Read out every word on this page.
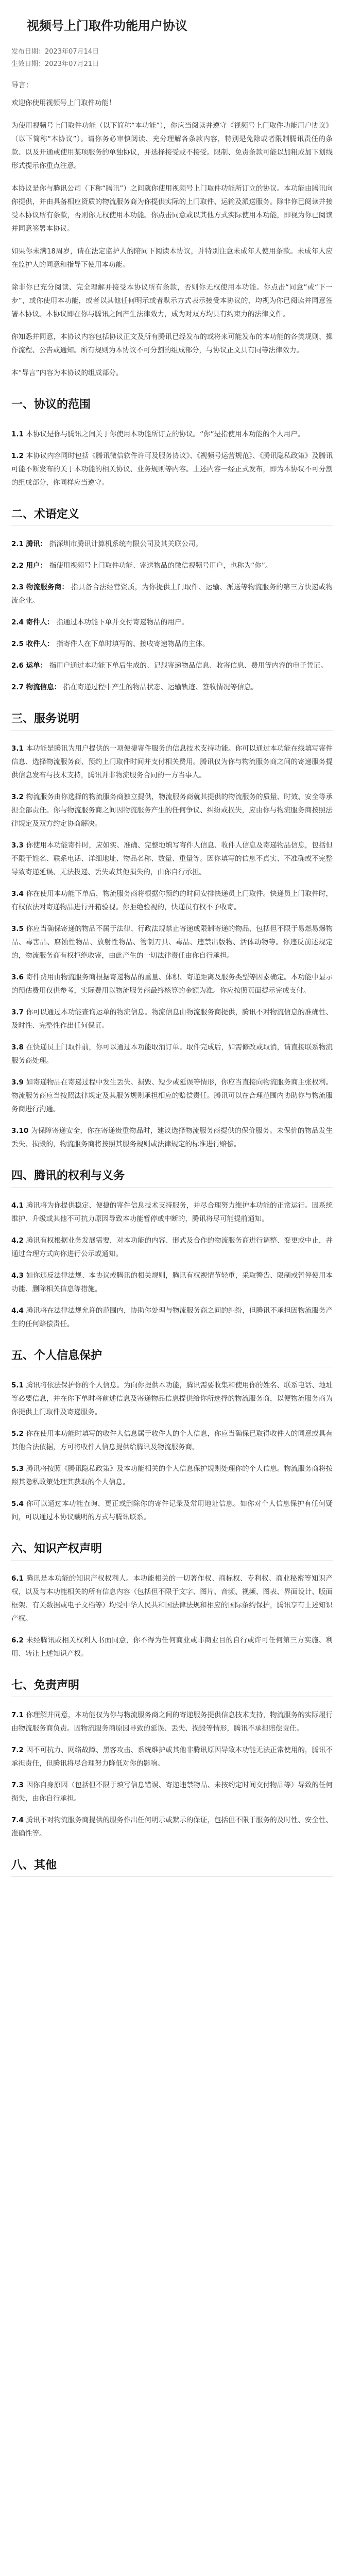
视频号上门取件功能用户协议
发布日期：2023年07月14日
生效日期：2023年07月21日
导言：

欢迎你使用视频号上门取件功能！

为使用视频号上门取件功能（以下简称“本功能”），你应当阅读并遵守《视频号上门取件功能用户协议》（以下简称“本协议”）。请你务必审慎阅读、充分理解各条款内容，特别是免除或者限制腾讯责任的条款、以及开通或使用某项服务的单独协议，并选择接受或不接受。限制、免责条款可能以加粗或加下划线形式提示你重点注意。

本协议是你与腾讯公司（下称“腾讯”）之间就你使用视频号上门取件功能所订立的协议。本功能由腾讯向你提供，并由具备相应资质的物流服务商为你提供实际的上门取件、运输及派送服务。除非你已阅读并接受本协议所有条款，否则你无权使用本功能。你点击同意或以其他方式实际使用本功能，即视为你已阅读并同意签署本协议。

如果你未满18周岁，请在法定监护人的陪同下阅读本协议，并特别注意未成年人使用条款。未成年人应在监护人的同意和指导下使用本功能。

除非你已充分阅读、完全理解并接受本协议所有条款，否则你无权使用本功能。你点击“同意”或“下一步”，或你使用本功能，或者以其他任何明示或者默示方式表示接受本协议的，均视为你已阅读并同意签署本协议。本协议即在你与腾讯之间产生法律效力，成为对双方均具有约束力的法律文件。

你知悉并同意，本协议内容包括协议正文及所有腾讯已经发布的或将来可能发布的本功能的各类规则、操作流程、公告或通知。所有规则为本协议不可分割的组成部分，与协议正文具有同等法律效力。

本“导言”内容为本协议的组成部分。

一、协议的范围

1.1 本协议是你与腾讯之间关于你使用本功能所订立的协议。“你”是指使用本功能的个人用户。

1.2 本协议内容同时包括《腾讯微信软件许可及服务协议》、《视频号运营规范》、《腾讯隐私政策》及腾讯可能不断发布的关于本功能的相关协议、业务规则等内容。上述内容一经正式发布，即为本协议不可分割的组成部分，你同样应当遵守。

二、术语定义

2.1 腾讯： 指深圳市腾讯计算机系统有限公司及其关联公司。

2.2 用户： 指使用视频号上门取件功能、寄送物品的微信视频号用户，也称为“你”。

2.3 物流服务商： 指具备合法经营资质，为你提供上门取件、运输、派送等物流服务的第三方快递或物流企业。

2.4 寄件人： 指通过本功能下单并交付寄递物品的用户。

2.5 收件人： 指寄件人在下单时填写的、接收寄递物品的主体。

2.6 运单： 指用户通过本功能下单后生成的、记载寄递物品信息、收寄信息、费用等内容的电子凭证。

2.7 物流信息： 指在寄递过程中产生的物品状态、运输轨迹、签收情况等信息。

三、服务说明

3.1 本功能是腾讯为用户提供的一项便捷寄件服务的信息技术支持功能。你可以通过本功能在线填写寄件信息、选择物流服务商、预约上门取件时间并支付相关费用。腾讯仅为你与物流服务商之间的寄递服务提供信息发布与技术支持，腾讯并非物流服务合同的一方当事人。

3.2 物流服务由你选择的物流服务商独立提供，物流服务商就其提供的物流服务的质量、时效、安全等承担全部责任。你与物流服务商之间因物流服务产生的任何争议、纠纷或损失，应由你与物流服务商按照法律规定及双方约定协商解决。

3.3 你使用本功能寄件时，应如实、准确、完整地填写寄件人信息、收件人信息及寄递物品信息，包括但不限于姓名、联系电话、详细地址、物品名称、数量、重量等。因你填写的信息不真实、不准确或不完整导致寄递延误、无法投递、丢失或其他损失的，由你自行承担。

3.4 你在使用本功能下单后，物流服务商将根据你预约的时间安排快递员上门取件。快递员上门取件时，有权依法对寄递物品进行开箱验视。你拒绝验视的，快递员有权不予收寄。

3.5 你应当确保寄递的物品不属于法律、行政法规禁止寄递或限制寄递的物品，包括但不限于易燃易爆物品、毒害品、腐蚀性物品、放射性物品、管制刀具、毒品、违禁出版物、活体动物等。你违反前述规定的，物流服务商有权拒绝收寄，由此产生的一切法律责任由你自行承担。

3.6 寄件费用由物流服务商根据寄递物品的重量、体积、寄递距离及服务类型等因素确定。本功能中显示的预估费用仅供参考，实际费用以物流服务商最终核算的金额为准。你应按照页面提示完成支付。

3.7 你可以通过本功能查询运单的物流信息。物流信息由物流服务商提供，腾讯不对物流信息的准确性、及时性、完整性作出任何保证。

3.8 在快递员上门取件前，你可以通过本功能取消订单。取件完成后，如需修改或取消，请直接联系物流服务商处理。

3.9 如寄递物品在寄递过程中发生丢失、损毁、短少或延误等情形，你应当直接向物流服务商主张权利。物流服务商应当按照法律规定及其服务规则承担相应的赔偿责任。腾讯可以在合理范围内协助你与物流服务商进行沟通。

3.10 为保障寄递安全，你在寄递贵重物品时，建议选择物流服务商提供的保价服务。未保价的物品发生丢失、损毁的，物流服务商将按照其服务规则或法律规定的标准进行赔偿。

四、腾讯的权利与义务

4.1 腾讯将为你提供稳定、便捷的寄件信息技术支持服务，并尽合理努力维护本功能的正常运行。因系统维护、升级或其他不可抗力原因导致本功能暂停或中断的，腾讯将尽可能提前通知。

4.2 腾讯有权根据业务发展需要，对本功能的内容、形式及合作的物流服务商进行调整、变更或中止，并通过合理方式向你进行公示或通知。

4.3 如你违反法律法规、本协议或腾讯的相关规则，腾讯有权视情节轻重，采取警告、限制或暂停使用本功能、删除相关信息等措施。

4.4 腾讯将在法律法规允许的范围内，协助你处理与物流服务商之间的纠纷，但腾讯不承担因物流服务产生的任何赔偿责任。

五、个人信息保护

5.1 腾讯将依法保护你的个人信息。为向你提供本功能，腾讯需要收集和使用你的姓名、联系电话、地址等必要信息，并在你下单时将前述信息及寄递物品信息提供给你所选择的物流服务商，以便物流服务商为你提供上门取件及寄递服务。

5.2 你在使用本功能时填写的收件人信息属于收件人的个人信息，你应当确保已取得收件人的同意或具有其他合法依据，方可将收件人信息提供给腾讯及物流服务商。

5.3 腾讯将按照《腾讯隐私政策》及本功能相关的个人信息保护规则处理你的个人信息。物流服务商将按照其隐私政策处理其获取的个人信息。

5.4 你可以通过本功能查询、更正或删除你的寄件记录及常用地址信息。如你对个人信息保护有任何疑问，可以通过本协议载明的方式与腾讯联系。

六、知识产权声明

6.1 腾讯是本功能的知识产权权利人。本功能相关的一切著作权、商标权、专利权、商业秘密等知识产权，以及与本功能相关的所有信息内容（包括但不限于文字、图片、音频、视频、图表、界面设计、版面框架、有关数据或电子文档等）均受中华人民共和国法律法规和相应的国际条约保护，腾讯享有上述知识产权。

6.2 未经腾讯或相关权利人书面同意，你不得为任何商业或非商业目的自行或许可任何第三方实施、利用、转让上述知识产权。

七、免责声明

7.1 你理解并同意，本功能仅为你与物流服务商之间的寄递服务提供信息技术支持，物流服务的实际履行由物流服务商负责。因物流服务商原因导致的延误、丢失、损毁等情形，腾讯不承担赔偿责任。

7.2 因不可抗力、网络故障、黑客攻击、系统维护或其他非腾讯原因导致本功能无法正常使用的，腾讯不承担责任，但腾讯将尽合理努力降低对你的影响。

7.3 因你自身原因（包括但不限于填写信息错误、寄递违禁物品、未按约定时间交付物品等）导致的任何损失，由你自行承担。

7.4 腾讯不对物流服务商提供的服务作出任何明示或默示的保证，包括但不限于服务的及时性、安全性、准确性等。

八、其他
